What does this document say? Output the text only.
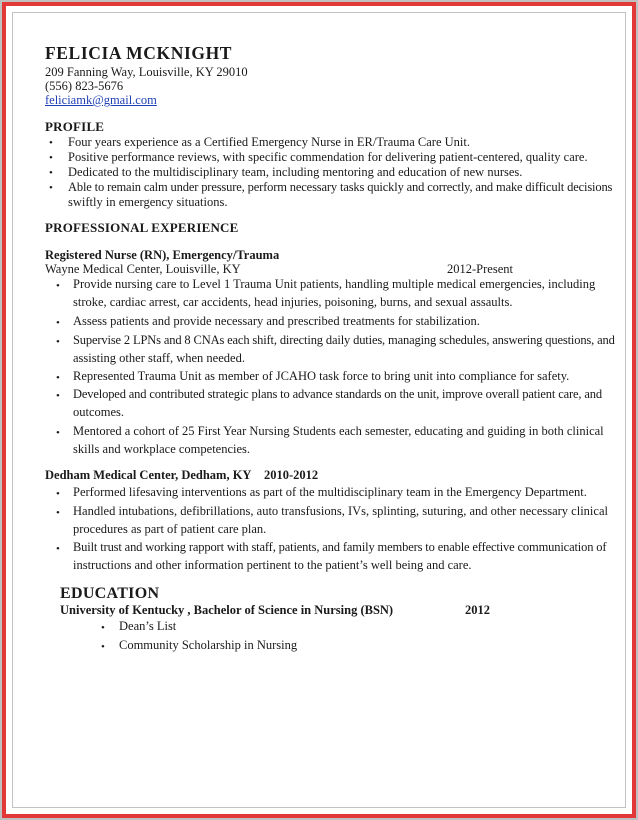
FELICIA MCKNIGHT
209 Fanning Way, Louisville, KY 29010
(556) 823-5676
feliciamk@gmail.com
PROFILE
• Four years experience as a Certified Emergency Nurse in ER/Trauma Care Unit.
• Positive performance reviews, with specific commendation for delivering patient-centered, quality care.
• Dedicated to the multidisciplinary team, including mentoring and education of new nurses.
• Able to remain calm under pressure, perform necessary tasks quickly and correctly, and make difficult decisions
swiftly in emergency situations.
PROFESSIONAL EXPERIENCE
Registered Nurse (RN), Emergency/Trauma
Wayne Medical Center, Louisville, KY	2012-Present
• Provide nursing care to Level 1 Trauma Unit patients, handling multiple medical emergencies, including
stroke, cardiac arrest, car accidents, head injuries, poisoning, burns, and sexual assaults.
• Assess patients and provide necessary and prescribed treatments for stabilization.
• Supervise 2 LPNs and 8 CNAs each shift, directing daily duties, managing schedules, answering questions, and
assisting other staff, when needed.
• Represented Trauma Unit as member of JCAHO task force to bring unit into compliance for safety.
• Developed and contributed strategic plans to advance standards on the unit, improve overall patient care, and
outcomes.
• Mentored a cohort of 25 First Year Nursing Students each semester, educating and guiding in both clinical
skills and workplace competencies.
Dedham Medical Center, Dedham, KY 2010-2012
• Performed lifesaving interventions as part of the multidisciplinary team in the Emergency Department.
• Handled intubations, defibrillations, auto transfusions, IVs, splinting, suturing, and other necessary clinical
procedures as part of patient care plan.
• Built trust and working rapport with staff, patients, and family members to enable effective communication of
instructions and other information pertinent to the patient’s well being and care.
EDUCATION
University of Kentucky , Bachelor of Science in Nursing (BSN)	2012
• Dean’s List
• Community Scholarship in Nursing
